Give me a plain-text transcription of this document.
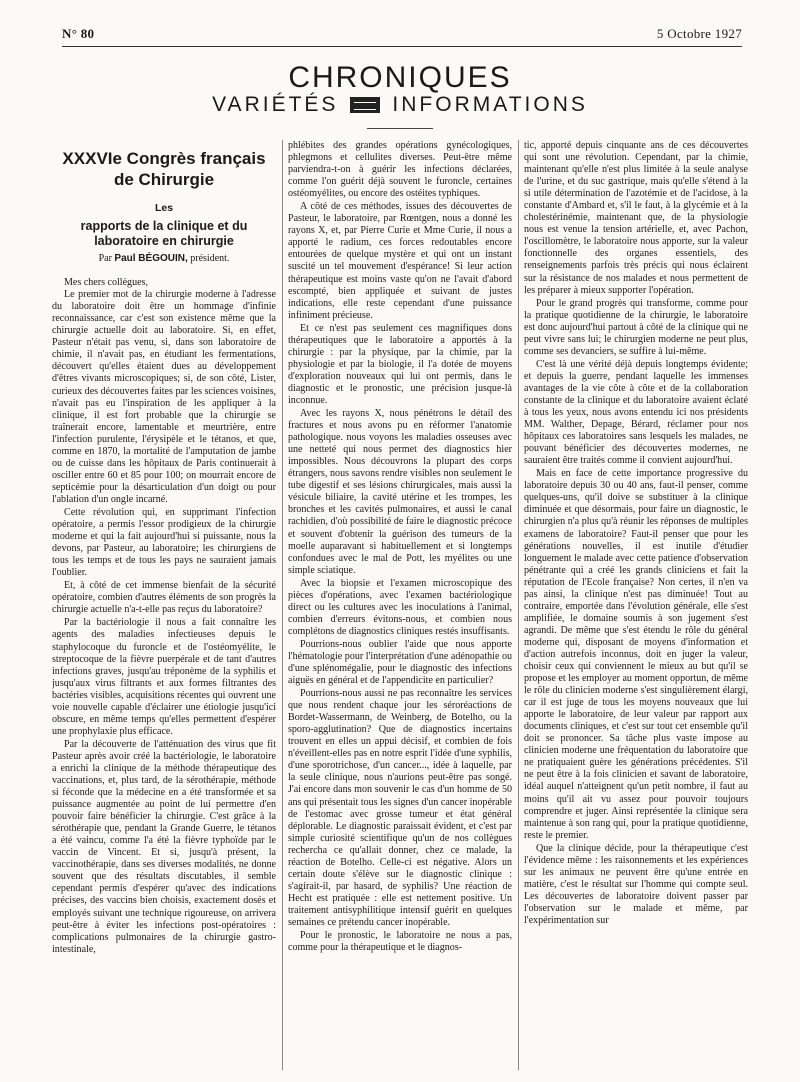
N° 80	5 Octobre 1927
CHRONIQUES
VARIÉTÉS	INFORMATIONS
XXXVIe Congrès français de Chirurgie
Les
rapports de la clinique et du laboratoire en chirurgie
Par Paul BÉGOUIN, président.

Mes chers collègues,

Le premier mot de la chirurgie moderne à l'adresse du laboratoire doit être un hommage d'infinie reconnaissance, car c'est son existence même que la chirurgie actuelle doit au laboratoire. Si, en effet, Pasteur n'était pas venu, si, dans son laboratoire de chimie, il n'avait pas, en étudiant les fermentations, découvert qu'elles étaient dues au développement d'êtres vivants microscopiques; si, de son côté, Lister, curieux des découvertes faites par les sciences voisines, n'avait pas eu l'inspiration de les appliquer à la clinique, il est fort probable que la chirurgie se traînerait encore, lamentable et meurtrière, entre l'infection purulente, l'érysipèle et le tétanos, et que, comme en 1870, la mortalité de l'amputation de jambe ou de cuisse dans les hôpitaux de Paris continuerait à osciller entre 60 et 85 pour 100; on mourrait encore de septicémie pour la désarticulation d'un doigt ou pour l'ablation d'un ongle incarné.

Cette révolution qui, en supprimant l'infection opératoire, a permis l'essor prodigieux de la chirurgie moderne et qui la fait aujourd'hui si puissante, nous la devons, par Pasteur, au laboratoire; les chirurgiens de tous les temps et de tous les pays ne sauraient jamais l'oublier.

Et, à côté de cet immense bienfait de la sécurité opératoire, combien d'autres éléments de son progrès la chirurgie actuelle n'a-t-elle pas reçus du laboratoire?

Par la bactériologie il nous a fait connaître les agents des maladies infectieuses depuis le staphylocoque du furoncle et de l'ostéomyélite, le streptocoque de la fièvre puerpérale et de tant d'autres infections graves, jusqu'au tréponème de la syphilis et jusqu'aux virus filtrants et aux formes filtrantes des bactéries visibles, acquisitions récentes qui ouvrent une voie nouvelle capable d'éclairer une étiologie jusqu'ici obscure, en même temps qu'elles permettent d'espérer une prophylaxie plus efficace.

Par la découverte de l'atténuation des virus que fit Pasteur après avoir créé la bactériologie, le laboratoire a enrichi la clinique de la méthode thérapeutique des vaccinations, et, plus tard, de la sérothérapie, méthode si féconde que la médecine en a été transformée et sa puissance augmentée au point de lui permettre d'en pouvoir faire bénéficier la chirurgie. C'est grâce à la sérothérapie que, pendant la Grande Guerre, le tétanos a été vaincu, comme l'a été la fièvre typhoïde par le vaccin de Vincent. Et si, jusqu'à présent, la vaccinothérapie, dans ses diverses modalités, ne donne souvent que des résultats discutables, il semble cependant permis d'espérer qu'avec des indications précises, des vaccins bien choisis, exactement dosés et employés suivant une technique rigoureuse, on arrivera peut-être à éviter les infections post-opératoires : complications pulmonaires de la chirurgie gastro-intestinale,

phlébites des grandes opérations gynécologiques, phlegmons et cellulites diverses. Peut-être même parviendra-t-on à guérir les infections déclarées, comme l'on guérit déjà souvent le furoncle, certaines ostéomyélites, ou encore des ostéites typhiques.

A côté de ces méthodes, issues des découvertes de Pasteur, le laboratoire, par Rœntgen, nous a donné les rayons X, et, par Pierre Curie et Mme Curie, il nous a apporté le radium, ces forces redoutables encore entourées de quelque mystère et qui ont un instant suscité un tel mouvement d'espérance! Si leur action thérapeutique est moins vaste qu'on ne l'avait d'abord escompté, bien appliquée et suivant de justes indications, elle reste cependant d'une puissance infiniment précieuse.

Et ce n'est pas seulement ces magnifiques dons thérapeutiques que le laboratoire a apportés à la chirurgie : par la physique, par la chimie, par la physiologie et par la biologie, il l'a dotée de moyens d'exploration nouveaux qui lui ont permis, dans le diagnostic et le pronostic, une précision jusque-là inconnue.

Avec les rayons X, nous pénétrons le détail des fractures et nous avons pu en réformer l'anatomie pathologique. nous voyons les maladies osseuses avec une netteté qui nous permet des diagnostics hier impossibles. Nous découvrons la plupart des corps étrangers, nous savons rendre visibles non seulement le tube digestif et ses lésions chirurgicales, mais aussi la vésicule biliaire, la cavité utérine et les trompes, les bronches et les cavités pulmonaires, et aussi le canal rachidien, d'où possibilité de faire le diagnostic précoce et souvent d'obtenir la guérison des tumeurs de la moelle auparavant si habituellement et si longtemps confondues avec le mal de Pott, les myélites ou une simple sciatique.

Avec la biopsie et l'examen microscopique des pièces d'opérations, avec l'examen bactériologique direct ou les cultures avec les inoculations à l'animal, combien d'erreurs évitons-nous, et combien nous complétons de diagnostics cliniques restés insuffisants.

Pourrions-nous oublier l'aide que nous apporte l'hématologie pour l'interprétation d'une adénopathie ou d'une splénomégalie, pour le diagnostic des infections aiguës en général et de l'appendicite en particulier?

Pourrions-nous aussi ne pas reconnaître les services que nous rendent chaque jour les séroréactions de Bordet-Wassermann, de Weinberg, de Botelho, ou la sporo-agglutination? Que de diagnostics incertains trouvent en elles un appui décisif, et combien de fois n'éveillent-elles pas en notre esprit l'idée d'une syphilis, d'une sporotrichose, d'un cancer..., idée à laquelle, par la seule clinique, nous n'aurions peut-être pas songé. J'ai encore dans mon souvenir le cas d'un homme de 50 ans qui présentait tous les signes d'un cancer inopérable de l'estomac avec grosse tumeur et état général déplorable. Le diagnostic paraissait évident, et c'est par simple curiosité scientifique qu'un de nos collègues rechercha ce qu'allait donner, chez ce malade, la réaction de Botelho. Celle-ci est négative. Alors un certain doute s'élève sur le diagnostic clinique : s'agirait-il, par hasard, de syphilis? Une réaction de Hecht est pratiquée : elle est nettement positive. Un traitement antisyphilitique intensif guérit en quelques semaines ce prétendu cancer inopérable.

Pour le pronostic, le laboratoire ne nous a pas, comme pour la thérapeutique et le diagnos-

tic, apporté depuis cinquante ans de ces découvertes qui sont une révolution. Cependant, par la chimie, maintenant qu'elle n'est plus limitée à la seule analyse de l'urine, et du suc gastrique, mais qu'elle s'étend à la si utile détermination de l'azotémie et de l'acidose, à la constante d'Ambard et, s'il le faut, à la glycémie et à la cholestérinémie, maintenant que, de la physiologie nous est venue la tension artérielle, et, avec Pachon, l'oscillomètre, le laboratoire nous apporte, sur la valeur fonctionnelle des organes essentiels, des renseignements parfois très précis qui nous éclairent sur la résistance de nos malades et nous permettent de les préparer à mieux supporter l'opération.

Pour le grand progrès qui transforme, comme pour la pratique quotidienne de la chirurgie, le laboratoire est donc aujourd'hui partout à côté de la clinique qui ne peut vivre sans lui; le chirurgien moderne ne peut plus, comme ses devanciers, se suffire à lui-même.

C'est là une vérité déjà depuis longtemps évidente; et depuis la guerre, pendant laquelle les immenses avantages de la vie côte à côte et de la collaboration constante de la clinique et du laboratoire avaient éclaté à tous les yeux, nous avons entendu ici nos présidents MM. Walther, Depage, Bérard, réclamer pour nos hôpitaux ces laboratoires sans lesquels les malades, ne pouvant bénéficier des découvertes modernes, ne sauraient être traités comme il convient aujourd'hui.

Mais en face de cette importance progressive du laboratoire depuis 30 ou 40 ans, faut-il penser, comme quelques-uns, qu'il doive se substituer à la clinique diminuée et que désormais, pour faire un diagnostic, le chirurgien n'a plus qu'à réunir les réponses de multiples examens de laboratoire? Faut-il penser que pour les générations nouvelles, il est inutile d'étudier longuement le malade avec cette patience d'observation pénétrante qui a créé les grands cliniciens et fait la réputation de l'Ecole française? Non certes, il n'en va pas ainsi, la clinique n'est pas diminuée! Tout au contraire, emportée dans l'évolution générale, elle s'est amplifiée, le domaine soumis à son jugement s'est agrandi. De même que s'est étendu le rôle du général moderne qui, disposant de moyens d'information et d'action autrefois inconnus, doit en juger la valeur, choisir ceux qui conviennent le mieux au but qu'il se propose et les employer au moment opportun, de même le rôle du clinicien moderne s'est singulièrement élargi, car il est juge de tous les moyens nouveaux que lui apporte le laboratoire, de leur valeur par rapport aux documents cliniques, et c'est sur tout cet ensemble qu'il doit se prononcer. Sa tâche plus vaste impose au clinicien moderne une fréquentation du laboratoire que ne pratiquaient guère les générations précédentes. S'il ne peut être à la fois clinicien et savant de laboratoire, idéal auquel n'atteignent qu'un petit nombre, il faut au moins qu'il ait vu assez pour pouvoir toujours comprendre et juger. Ainsi représentée la clinique sera maintenue à son rang qui, pour la pratique quotidienne, reste le premier.

Que la clinique décide, pour la thérapeutique c'est l'évidence même : les raisonnements et les expériences sur les animaux ne peuvent être qu'une entrée en matière, c'est le résultat sur l'homme qui compte seul. Les découvertes de laboratoire doivent passer par l'observation sur le malade et même, par l'expérimentation sur
